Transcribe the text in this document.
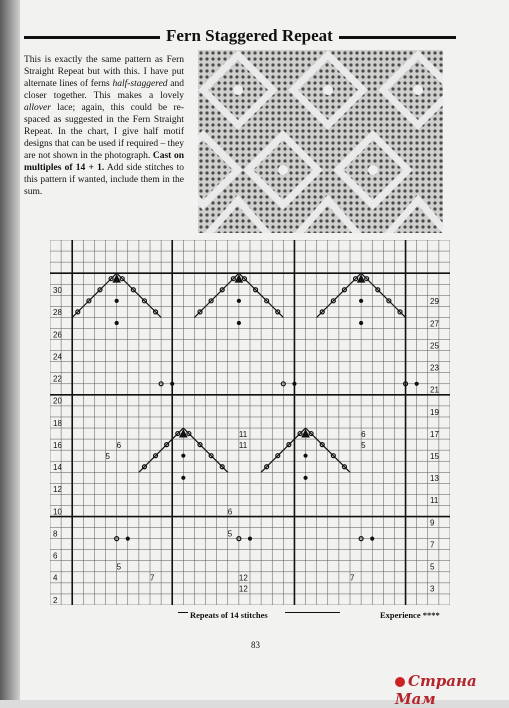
Fern Staggered Repeat
This is exactly the same pattern as Fern Straight Repeat but with this. I have put alternate lines of ferns half-staggered and closer together. This makes a lovely allover lace; again, this could be re-spaced as suggested in the Fern Straight Repeat. In the chart, I give half motif designs that can be used if required – they are not shown in the photograph. Cast on multiples of 14 + 1. Add side stitches to this pattern if wanted, include them in the sum.
30
28
26
24
22
20
18
16
14
12
10
8
6
4
2
29
27
25
23
21
19
17
15
13
11
9
7
5
3
6
5
11
11
6
5
12
7
5
12
6
5
7
Repeats of 14 stitches	Experience ****
83
Страна Мам
